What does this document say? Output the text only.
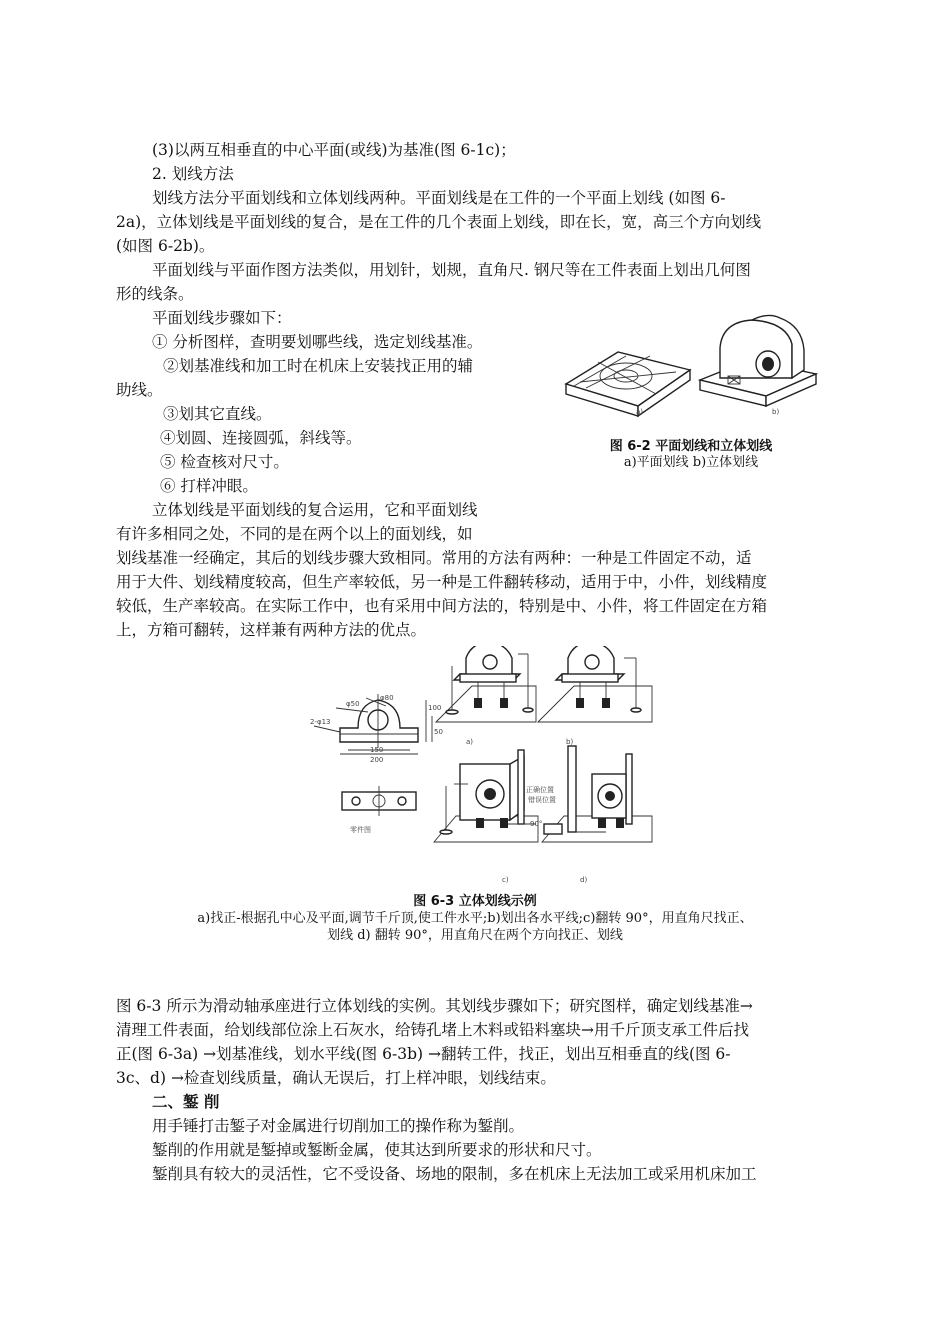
(3)以两互相垂直的中心平面(或线)为基准(图 6-1c)；
2. 划线方法
划线方法分平面划线和立体划线两种。平面划线是在工件的一个平面上划线 (如图 6-
2a)，立体划线是平面划线的复合，是在工件的几个表面上划线，即在长，宽，高三个方向划线
(如图 6-2b)。
平面划线与平面作图方法类似，用划针，划规，直角尺. 钢尺等在工件表面上划出几何图
形的线条。
平面划线步骤如下：
① 分析图样，查明要划哪些线，选定划线基准。
②划基准线和加工时在机床上安装找正用的辅
助线。
③划其它直线。
④划圆、连接圆弧，斜线等。
⑤ 检查核对尺寸。
⑥ 打样冲眼。
立体划线是平面划线的复合运用，它和平面划线
有许多相同之处，不同的是在两个以上的面划线，如
划线基准一经确定，其后的划线步骤大致相同。常用的方法有两种：一种是工件固定不动，适
用于大件、划线精度较高，但生产率较低，另一种是工件翻转移动，适用于中，小件，划线精度
较低，生产率较高。在实际工作中，也有采用中间方法的，特别是中、小件，将工件固定在方箱
上，方箱可翻转，这样兼有两种方法的优点。
a)	b)
图 6-2 平面划线和立体划线
a)平面划线 b)立体划线
2-φ13
φ50
φ80
100
50
150
200
零件图
a)	b)
正确位置
错误位置
90°
c)	d)
图 6-3 立体划线示例
a)找正-根据孔中心及平面,调节千斤顶,使工件水平;b)划出各水平线;c)翻转 90°，用直角尺找正、
划线 d) 翻转 90°，用直角尺在两个方向找正、划线
图 6-3 所示为滑动轴承座进行立体划线的实例。其划线步骤如下；研究图样，确定划线基准→
清理工件表面，给划线部位涂上石灰水，给铸孔堵上木料或铅料塞块→用千斤顶支承工件后找
正(图 6-3a) →划基准线，划水平线(图 6-3b) →翻转工件，找正，划出互相垂直的线(图 6-
3c、d) →检查划线质量，确认无误后，打上样冲眼，划线结束。
二、錾 削
用手锤打击錾子对金属进行切削加工的操作称为錾削。
錾削的作用就是錾掉或錾断金属，使其达到所要求的形状和尺寸。
錾削具有较大的灵活性，它不受设备、场地的限制，多在机床上无法加工或采用机床加工
